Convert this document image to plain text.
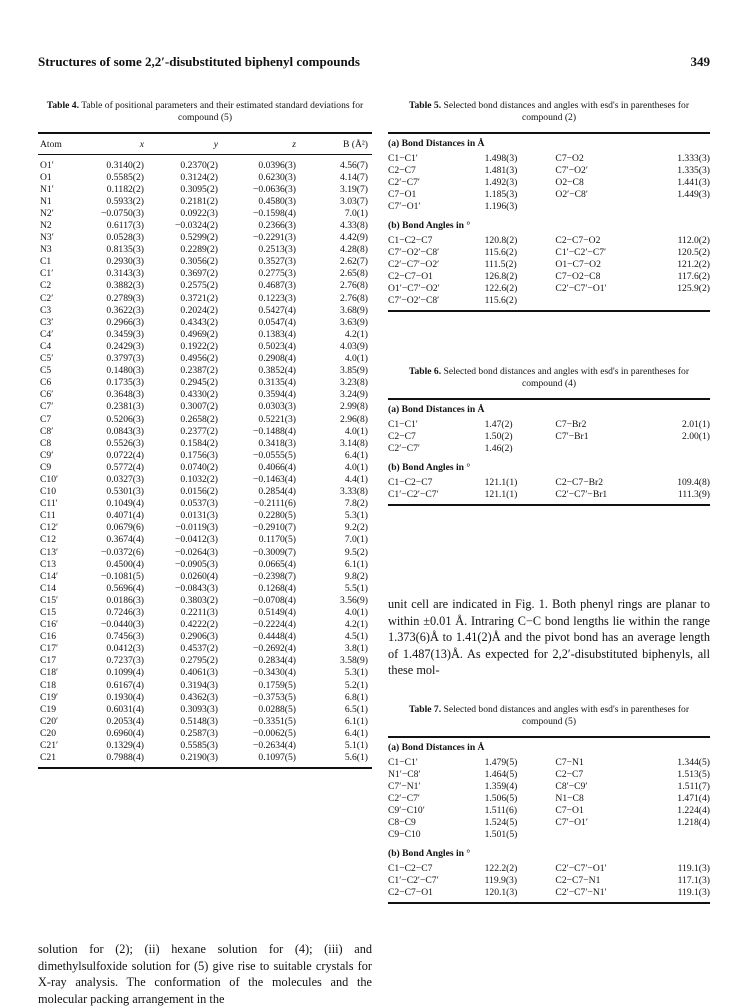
Structures of some 2,2′-disubstituted biphenyl compounds	349
Table 4. Table of positional parameters and their estimated standard deviations for compound (5)
Atom	x	y	z	B (Å²)

O1′	0.3140(2)	0.2370(2)	0.0396(3)	4.56(7)
O1	0.5585(2)	0.3124(2)	0.6230(3)	4.14(7)
N1′	0.1182(2)	0.3095(2)	−0.0636(3)	3.19(7)
N1	0.5933(2)	0.2181(2)	0.4580(3)	3.03(7)
N2′	−0.0750(3)	0.0922(3)	−0.1598(4)	7.0(1)
N2	0.6117(3)	−0.0324(2)	0.2366(3)	4.33(8)
N3′	0.0528(3)	0.5299(2)	−0.2291(3)	4.42(9)
N3	0.8135(3)	0.2289(2)	0.2513(3)	4.28(8)
C1	0.2930(3)	0.3056(2)	0.3527(3)	2.62(7)
C1′	0.3143(3)	0.3697(2)	0.2775(3)	2.65(8)
C2	0.3882(3)	0.2575(2)	0.4687(3)	2.76(8)
C2′	0.2789(3)	0.3721(2)	0.1223(3)	2.76(8)
C3	0.3622(3)	0.2024(2)	0.5427(4)	3.68(9)
C3′	0.2966(3)	0.4343(2)	0.0547(4)	3.63(9)
C4′	0.3459(3)	0.4969(2)	0.1383(4)	4.2(1)
C4	0.2429(3)	0.1922(2)	0.5023(4)	4.03(9)
C5′	0.3797(3)	0.4956(2)	0.2908(4)	4.0(1)
C5	0.1480(3)	0.2387(2)	0.3852(4)	3.85(9)
C6	0.1735(3)	0.2945(2)	0.3135(4)	3.23(8)
C6′	0.3648(3)	0.4330(2)	0.3594(4)	3.24(9)
C7′	0.2381(3)	0.3007(2)	0.0303(3)	2.99(8)
C7	0.5206(3)	0.2658(2)	0.5221(3)	2.96(8)
C8′	0.0843(3)	0.2377(2)	−0.1488(4)	4.0(1)
C8	0.5526(3)	0.1584(2)	0.3418(3)	3.14(8)
C9′	0.0722(4)	0.1756(3)	−0.0555(5)	6.4(1)
C9	0.5772(4)	0.0740(2)	0.4066(4)	4.0(1)
C10′	0.0327(3)	0.1032(2)	−0.1463(4)	4.4(1)
C10	0.5301(3)	0.0156(2)	0.2854(4)	3.33(8)
C11′	0.1049(4)	0.0537(3)	−0.2111(6)	7.8(2)
C11	0.4071(4)	0.0131(3)	0.2280(5)	5.3(1)
C12′	0.0679(6)	−0.0119(3)	−0.2910(7)	9.2(2)
C12	0.3674(4)	−0.0412(3)	0.1170(5)	7.0(1)
C13′	−0.0372(6)	−0.0264(3)	−0.3009(7)	9.5(2)
C13	0.4500(4)	−0.0905(3)	0.0665(4)	6.1(1)
C14′	−0.1081(5)	0.0260(4)	−0.2398(7)	9.8(2)
C14	0.5696(4)	−0.0843(3)	0.1268(4)	5.5(1)
C15′	0.0186(3)	0.3803(2)	−0.0708(4)	3.56(9)
C15	0.7246(3)	0.2211(3)	0.5149(4)	4.0(1)
C16′	−0.0440(3)	0.4222(2)	−0.2224(4)	4.2(1)
C16	0.7456(3)	0.2906(3)	0.4448(4)	4.5(1)
C17′	0.0412(3)	0.4537(2)	−0.2692(4)	3.8(1)
C17	0.7237(3)	0.2795(2)	0.2834(4)	3.58(9)
C18′	0.1099(4)	0.4061(3)	−0.3430(4)	5.3(1)
C18	0.6167(4)	0.3194(3)	0.1759(5)	5.2(1)
C19′	0.1930(4)	0.4362(3)	−0.3753(5)	6.8(1)
C19	0.6031(4)	0.3093(3)	0.0288(5)	6.5(1)
C20′	0.2053(4)	0.5148(3)	−0.3351(5)	6.1(1)
C20	0.6960(4)	0.2587(3)	−0.0062(5)	6.4(1)
C21′	0.1329(4)	0.5585(3)	−0.2634(4)	5.1(1)
C21	0.7988(4)	0.2190(3)	0.1097(5)	5.6(1)

solution for (2); (ii) hexane solution for (4); (iii) and dimethylsulfoxide solution for (5) give rise to suitable crystals for X-ray analysis. The conformation of the molecules and the molecular packing arrangement in the

Table 5. Selected bond distances and angles with esd's in parentheses for compound (2)
(a) Bond Distances in Å
C1−C1′	1.498(3)	C7−O2	1.333(3)
C2−C7	1.481(3)	C7′−O2′	1.335(3)
C2′−C7′	1.492(3)	O2−C8	1.441(3)
C7−O1	1.185(3)	O2′−C8′	1.449(3)
C7′−O1′	1.196(3)		
(b) Bond Angles in °
C1−C2−C7	120.8(2)	C2−C7−O2	112.0(2)
C7′−O2′−C8′	115.6(2)	C1′−C2′−C7′	120.5(2)
C2′−C7′−O2′	111.5(2)	O1−C7−O2	121.2(2)
C2−C7−O1	126.8(2)	C7−O2−C8	117.6(2)
O1′−C7′−O2′	122.6(2)	C2′−C7′−O1′	125.9(2)
C7′−O2′−C8′	115.6(2)		
Table 6. Selected bond distances and angles with esd's in parentheses for compound (4)
(a) Bond Distances in Å
C1−C1′	1.47(2)	C7−Br2	2.01(1)
C2−C7	1.50(2)	C7′−Br1	2.00(1)
C2′−C7′	1.46(2)		
(b) Bond Angles in °
C1−C2−C7	121.1(1)	C2−C7−Br2	109.4(8)
C1′−C2′−C7′	121.1(1)	C2′−C7′−Br1	111.3(9)

unit cell are indicated in Fig. 1. Both phenyl rings are planar to within ±0.01 Å. Intraring C−C bond lengths lie within the range 1.373(6)Å to 1.41(2)Å and the pivot bond has an average length of 1.487(13)Å. As expected for 2,2′-disubstituted biphenyls, all these mol-

Table 7. Selected bond distances and angles with esd's in parentheses for compound (5)
(a) Bond Distances in Å
C1−C1′	1.479(5)	C7−N1	1.344(5)
N1′−C8′	1.464(5)	C2−C7	1.513(5)
C7′−N1′	1.359(4)	C8′−C9′	1.511(7)
C2′−C7′	1.506(5)	N1−C8	1.471(4)
C9′−C10′	1.511(6)	C7−O1	1.224(4)
C8−C9	1.524(5)	C7′−O1′	1.218(4)
C9−C10	1.501(5)		
(b) Bond Angles in °
C1−C2−C7	122.2(2)	C2′−C7′−O1′	119.1(3)
C1′−C2′−C7′	119.9(3)	C2−C7−N1	117.1(3)
C2−C7−O1	120.1(3)	C2′−C7′−N1′	119.1(3)
